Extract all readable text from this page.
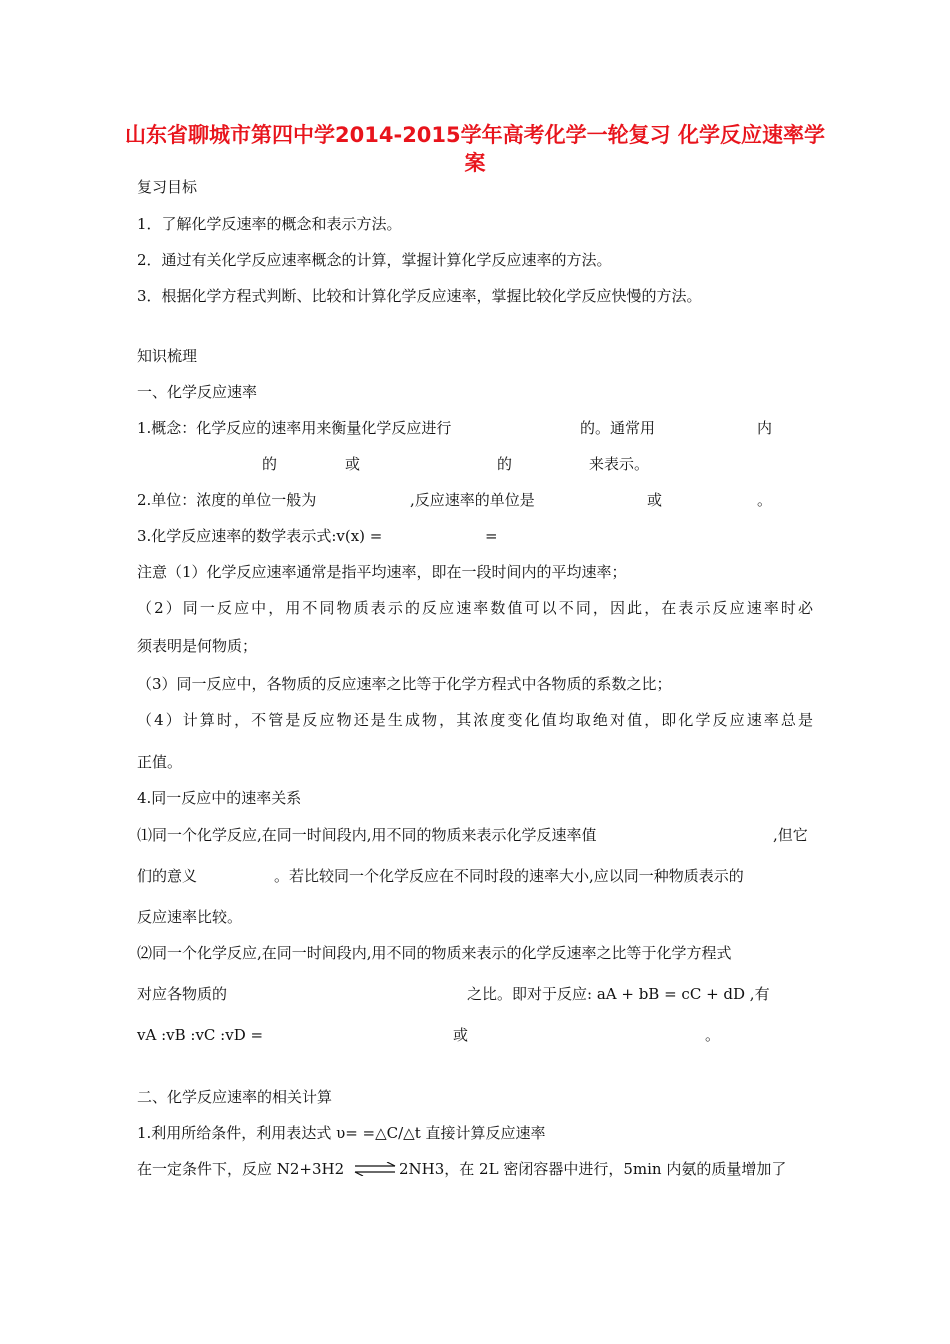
山东省聊城市第四中学2014-2015学年高考化学一轮复习 化学反应速率学案
复习目标
1．了解化学反速率的概念和表示方法。
2．通过有关化学反应速率概念的计算，掌握计算化学反应速率的方法。
3．根据化学方程式判断、比较和计算化学反应速率，掌握比较化学反应快慢的方法。
知识梳理
一、化学反应速率
1.概念：化学反应的速率用来衡量化学反应进行	的。通常用	内
的	或	的	来表示。
2.单位：浓度的单位一般为	,反应速率的单位是	或	。
3.化学反应速率的数学表示式:v(x) =	=
注意（1）化学反应速率通常是指平均速率，即在一段时间内的平均速率；
（2）同一反应中，用不同物质表示的反应速率数值可以不同，因此，在表示反应速率时必
须表明是何物质；
（3）同一反应中，各物质的反应速率之比等于化学方程式中各物质的系数之比；
（4）计算时，不管是反应物还是生成物，其浓度变化值均取绝对值，即化学反应速率总是
正值。
4.同一反应中的速率关系
⑴同一个化学反应,在同一时间段内,用不同的物质来表示化学反速率值	,但它
们的意义	。若比较同一个化学反应在不同时段的速率大小,应以同一种物质表示的
反应速率比较。
⑵同一个化学反应,在同一时间段内,用不同的物质来表示的化学反速率之比等于化学方程式
对应各物质的	之比。即对于反应: aA + bB = cC + dD ,有
vA :vB :vC :vD =	或	。
二、化学反应速率的相关计算
1.利用所给条件，利用表达式 υ= =△C/△t 直接计算反应速率
在一定条件下，反应 N2+3H2 ⇌ 2NH3，在 2L 密闭容器中进行，5min 内氨的质量增加了
